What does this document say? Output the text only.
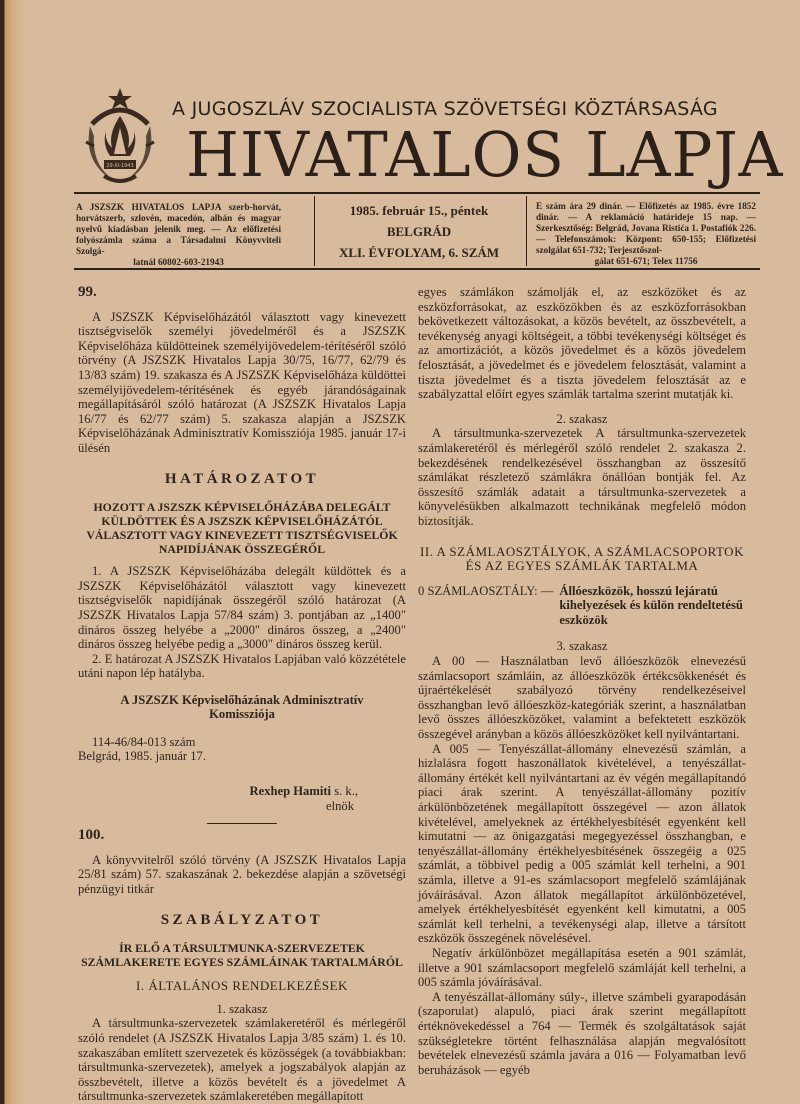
29-XI-1943
A JUGOSZLÁV SZOCIALISTA SZÖVETSÉGI KÖZTÁRSASÁG
HIVATALOS LAPJA
A JSZSZK HIVATALOS LAPJA szerb-horvát, horvátszerb, szlovén, macedón, albán és magyar nyelvű kiadásban jelenik meg. — Az előfizetési folyószámla száma a Társadalmi Könyvviteli Szolgá-
latnál 60802-603-21943
1985. február 15., péntek
BELGRÁD
XLI. ÉVFOLYAM, 6. SZÁM
E szám ára 29 dinár. — Előfizetés az 1985. évre 1852 dinár. — A reklamáció határideje 15 nap. — Szerkesztőség: Belgrád, Jovana Ristića 1. Postafiók 226. — Telefonszámok: Központ: 650-155; Előfizetési szolgálat 651-732; Terjesztőszol-
gálat 651-671; Telex 11756
99.

A JSZSZK Képviselőházától választott vagy kinevezett tisztségviselők személyi jövedelméről és a JSZSZK Képviselőháza küldötteinek személyijövedelem-térítéséről szóló törvény (A JSZSZK Hivatalos Lapja 30/75, 16/77, 62/79 és 13/83 szám) 19. szakasza és A JSZSZK Képviselőháza küldöttei személyijövedelem-térítésének és egyéb járandóságainak megállapításáról szóló határozat (A JSZSZK Hivatalos Lapja 16/77 és 62/77 szám) 5. szakasza alapján a JSZSZK Képviselőházának Adminisztratív Komissziója 1985. január 17-i ülésén

HATÁROZATOT
HOZOTT A JSZSZK KÉPVISELŐHÁZÁBA DELEGÁLT KÜLDÖTTEK ÉS A JSZSZK KÉPVISELŐHÁZÁTÓL VÁLASZTOTT VAGY KINEVEZETT TISZTSÉGVISELŐK NAPIDÍJÁNAK ÖSSZEGÉRŐL

1. A JSZSZK Képviselőházába delegált küldöttek és a JSZSZK Képviselőházától választott vagy kinevezett tisztségviselők napidíjának összegéről szóló határozat (A JSZSZK Hivatalos Lapja 57/84 szám) 3. pontjában az „1400" dináros összeg helyébe a „2000" dináros összeg, a „2400" dináros összeg helyébe pedig a „3000" dináros összeg kerül.

2. E határozat A JSZSZK Hivatalos Lapjában való közzététele utáni napon lép hatályba.

A JSZSZK Képviselőházának Adminisztratív
Komissziója

114-46/84-013 szám

Belgrád, 1985. január 17.

Rexhep Hamiti s. k.,
elnök
100.

A könyvvitelről szóló törvény (A JSZSZK Hivatalos Lapja 25/81 szám) 57. szakaszának 2. bekezdése alapján a szövetségi pénzügyi titkár

SZABÁLYZATOT
ÍR ELŐ A TÁRSULTMUNKA-SZERVEZETEK SZÁMLAKERETE EGYES SZÁMLÁINAK TARTALMÁRÓL
I. ÁLTALÁNOS RENDELKEZÉSEK

1. szakasz

A társultmunka-szervezetek számlakeretéről és mérlegéről szóló rendelet (A JSZSZK Hivatalos Lapja 3/85 szám) 1. és 10. szakaszában említett szervezetek és közösségek (a továbbiakban: társultmunka-szervezetek), amelyek a jogszabályok alapján az összbevételt, illetve a közös bevételt és a jövedelmet A társultmunka-szervezetek számlakeretében megállapított

egyes számlákon számolják el, az eszközöket és az eszközforrásokat, az eszközökben és az eszközforrásokban bekövetkezett változásokat, a közös bevételt, az összbevételt, a tevékenység anyagi költségeit, a többi tevékenységi költséget és az amortizációt, a közös jövedelmet és a közös jövedelem felosztását, a jövedelmet és e jövedelem felosztását, valamint a tiszta jövedelmet és a tiszta jövedelem felosztását az e szabályzattal előírt egyes számlák tartalma szerint mutatják ki.

2. szakasz

A társultmunka-szervezetek A társultmunka-szervezetek számlakeretéről és mérlegéről szóló rendelet 2. szakasza 2. bekezdésének rendelkezésével összhangban az összesítő számlákat részletező számlákra önállóan bontják fel. Az összesítő számlák adatait a társultmunka-szervezetek a könyvelésükben alkalmazott technikának megfelelő módon biztosítják.

II. A SZÁMLAOSZTÁLYOK, A SZÁMLACSOPORTOK
ÉS AZ EGYES SZÁMLÁK TARTALMA
0 SZÁMLAOSZTÁLY: — Állóeszközök, hosszú lejáratú kihelyezések és külön rendeltetésű eszközök

3. szakasz

A 00 — Használatban levő állóeszközök elnevezésű számlacsoport számláin, az állóeszközök értékcsökkenését és újraértékelését szabályozó törvény rendelkezéseivel összhangban levő állóeszköz-kategóriák szerint, a használatban levő összes állóeszközöket, valamint a befektetett eszközök összegével arányban a közös állóeszközöket kell nyilvántartani.

A 005 — Tenyészállat-állomány elnevezésű számlán, a hizlalásra fogott haszonállatok kivételével, a tenyészállat-állomány értékét kell nyilvántartani az év végén megállapítandó piaci árak szerint. A tenyészállat-állomány pozitív árkülönbözetének megállapított összegével — azon állatok kivételével, amelyeknek az értékhelyesbítését egyenként kell kimutatni — az önigazgatási megegyezéssel összhangban, e tenyészállat-állomány értékhelyesbítésének összegéig a 025 számlát, a többivel pedig a 005 számlát kell terhelni, a 901 számla, illetve a 91-es számlacsoport megfelelő számlájának jóváírásával. Azon állatok megállapítot árkülönbözetével, amelyek értékhelyesbítését egyenként kell kimutatni, a 005 számlát kell terhelni, a tevékenységi alap, illetve a társított eszközök összegének növelésével.

Negatív árkülönbözet megállapítása esetén a 901 számlát, illetve a 901 számlacsoport megfelelő számláját kell terhelni, a 005 számla jóváírásával.

A tenyészállat-állomány súly-, illetve számbeli gyarapodásán (szaporulat) alapuló, piaci árak szerint megállapított értéknövekedéssel a 764 — Termék és szolgáltatások saját szükségletekre történt felhasználása alapján megvalósított bevételek elnevezésű számla javára a 016 — Folyamatban levő beruházások — egyéb
